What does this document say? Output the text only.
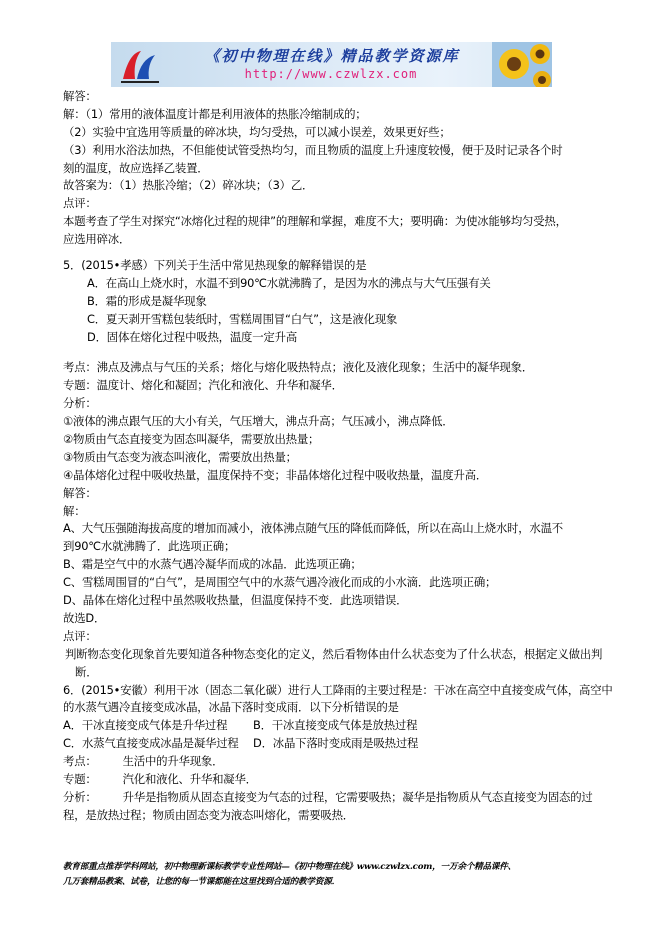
《初中物理在线》精品教学资源库
http://www.czwlzx.com
解答：
解：（1）常用的液体温度计都是利用液体的热胀冷缩制成的；
（2）实验中宜选用等质量的碎冰块，均匀受热，可以减小误差，效果更好些；
（3）利用水浴法加热，不但能使试管受热均匀，而且物质的温度上升速度较慢，便于及时记录各个时
刻的温度，故应选择乙装置．
故答案为：（1）热胀冷缩；（2）碎冰块；（3）乙．
点评：
本题考查了学生对探究“冰熔化过程的规律”的理解和掌握，难度不大；要明确：为使冰能够均匀受热，
应选用碎冰．
5．(2015•孝感）下列关于生活中常见热现象的解释错误的是
A．在高山上烧水时，水温不到90℃水就沸腾了，是因为水的沸点与大气压强有关
B．霜的形成是凝华现象
C．夏天剥开雪糕包装纸时，雪糕周围冒“白气”，这是液化现象
D．固体在熔化过程中吸热，温度一定升高
考点：沸点及沸点与气压的关系；熔化与熔化吸热特点；液化及液化现象；生活中的凝华现象．
专题：温度计、熔化和凝固；汽化和液化、升华和凝华．
分析：
①液体的沸点跟气压的大小有关，气压增大，沸点升高；气压减小，沸点降低．
②物质由气态直接变为固态叫凝华，需要放出热量；
③物质由气态变为液态叫液化，需要放出热量；
④晶体熔化过程中吸收热量，温度保持不变；非晶体熔化过程中吸收热量，温度升高．
解答：
解：
A、大气压强随海拔高度的增加而减小，液体沸点随气压的降低而降低，所以在高山上烧水时，水温不
到90℃水就沸腾了．此选项正确；
B、霜是空气中的水蒸气遇冷凝华而成的冰晶．此选项正确；
C、雪糕周围冒的“白气”，是周围空气中的水蒸气遇冷液化而成的小水滴．此选项正确；
D、晶体在熔化过程中虽然吸收热量，但温度保持不变．此选项错误．
故选D．
点评：
判断物态变化现象首先要知道各种物态变化的定义，然后看物体由什么状态变为了什么状态，根据定义做出判断．
6．(2015•安徽）利用干冰（固态二氧化碳）进行人工降雨的主要过程是：干冰在高空中直接变成气体，高空中的水蒸气遇冷直接变成冰晶，冰晶下落时变成雨．以下分析错误的是
A．干冰直接变成气体是升华过程	B．干冰直接变成气体是放热过程
C．水蒸气直接变成冰晶是凝华过程	D．冰晶下落时变成雨是吸热过程
考点： 生活中的升华现象．
专题： 汽化和液化、升华和凝华．
分析： 升华是指物质从固态直接变为气态的过程，它需要吸热；凝华是指物质从气态直接变为固态的过程，是放热过程；物质由固态变为液态叫熔化，需要吸热．
教育部重点推荐学科网站，初中物理新课标教学专业性网站—《初中物理在线》www.czwlzx.com，一万余个精品课件、
几万套精品教案、试卷，让您的每一节课都能在这里找到合适的教学资源．
